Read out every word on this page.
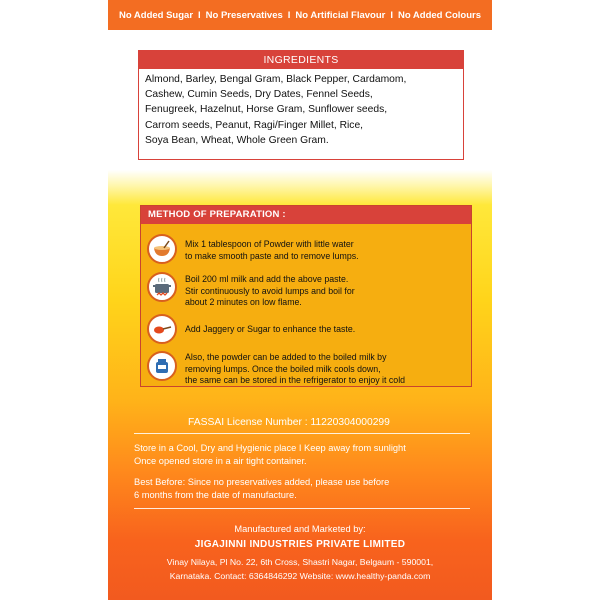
No Added Sugar I No Preservatives I No Artificial Flavour I No Added Colours
INGREDIENTS
Almond, Barley, Bengal Gram, Black Pepper, Cardamom,
Cashew, Cumin Seeds, Dry Dates, Fennel Seeds,
Fenugreek, Hazelnut, Horse Gram, Sunflower seeds,
Carrom seeds, Peanut, Ragi/Finger Millet, Rice,
Soya Bean, Wheat, Whole Green Gram.
METHOD OF PREPARATION :
Mix 1 tablespoon of Powder with little water
to make smooth paste and to remove lumps.
Boil 200 ml milk and add the above paste.
Stir continuously to avoid lumps and boil for
about 2 minutes on low flame.
Add Jaggery or Sugar to enhance the taste.
Also, the powder can be added to the boiled milk by
removing lumps. Once the boiled milk cools down,
the same can be stored in the refrigerator to enjoy it cold
FASSAI License Number : 11220304000299
Store in a Cool, Dry and Hygienic place I Keep away from sunlight
Once opened store in a air tight container.
Best Before: Since no preservatives added, please use before
6 months from the date of manufacture.
Manufactured and Marketed by:
JIGAJINNI INDUSTRIES PRIVATE LIMITED
Vinay Nilaya, Pl No. 22, 6th Cross, Shastri Nagar, Belgaum - 590001,
Karnataka. Contact: 6364846292 Website: www.healthy-panda.com
